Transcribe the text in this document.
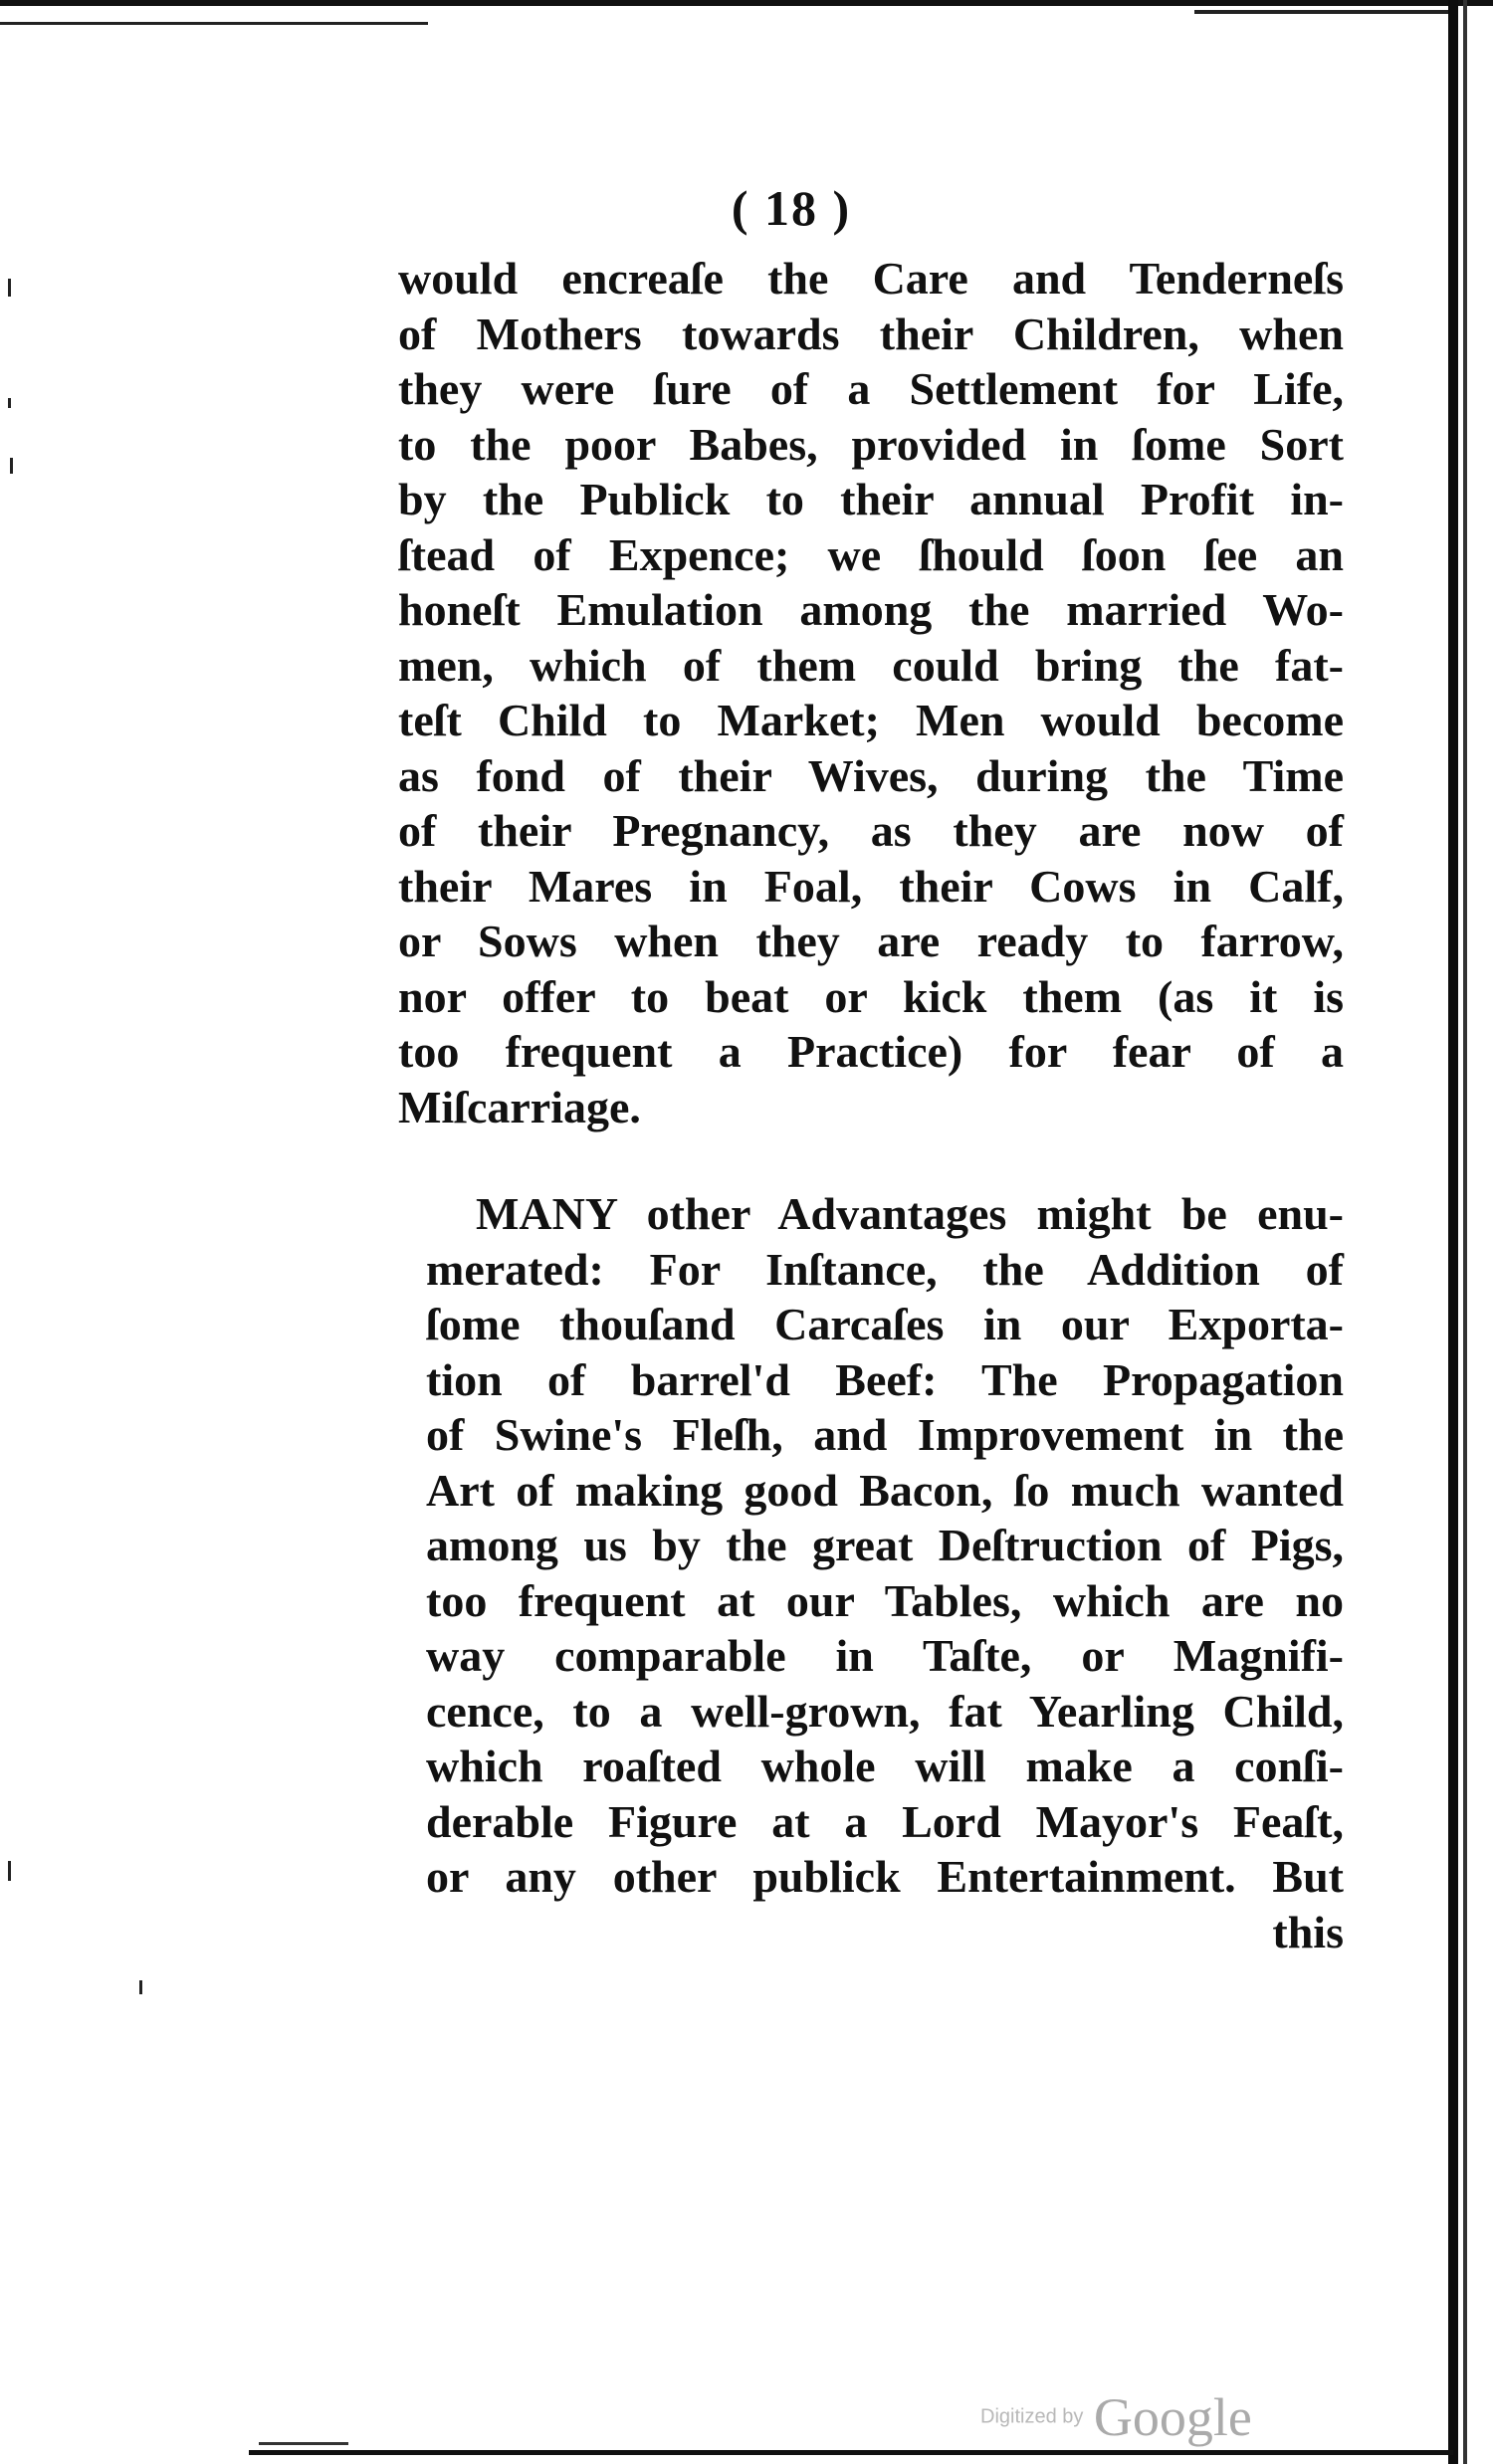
( 18 )
would encreaſe the Care and Tenderneſs
of Mothers towards their Children, when
they were ſure of a Settlement for Life,
to the poor Babes, provided in ſome Sort
by the Publick to their annual Profit in-
ſtead of Expence; we ſhould ſoon ſee an
honeſt Emulation among the married Wo-
men, which of them could bring the fat-
teſt Child to Market; Men would become
as fond of their Wives, during the Time
of their Pregnancy, as they are now of
their Mares in Foal, their Cows in Calf,
or Sows when they are ready to farrow,
nor offer to beat or kick them (as it is
too frequent a Practice) for fear of a
Miſcarriage.
MANY other Advantages might be enu-
merated: For Inſtance, the Addition of
ſome thouſand Carcaſes in our Exporta-
tion of barrel'd Beef: The Propagation
of Swine's Fleſh, and Improvement in the
Art of making good Bacon, ſo much wanted
among us by the great Deſtruction of Pigs,
too frequent at our Tables, which are no
way comparable in Taſte, or Magnifi-
cence, to a well-grown, fat Yearling Child,
which roaſted whole will make a conſi-
derable Figure at a Lord Mayor's Feaſt,
or any other publick Entertainment. But
this
Digitized by Google
